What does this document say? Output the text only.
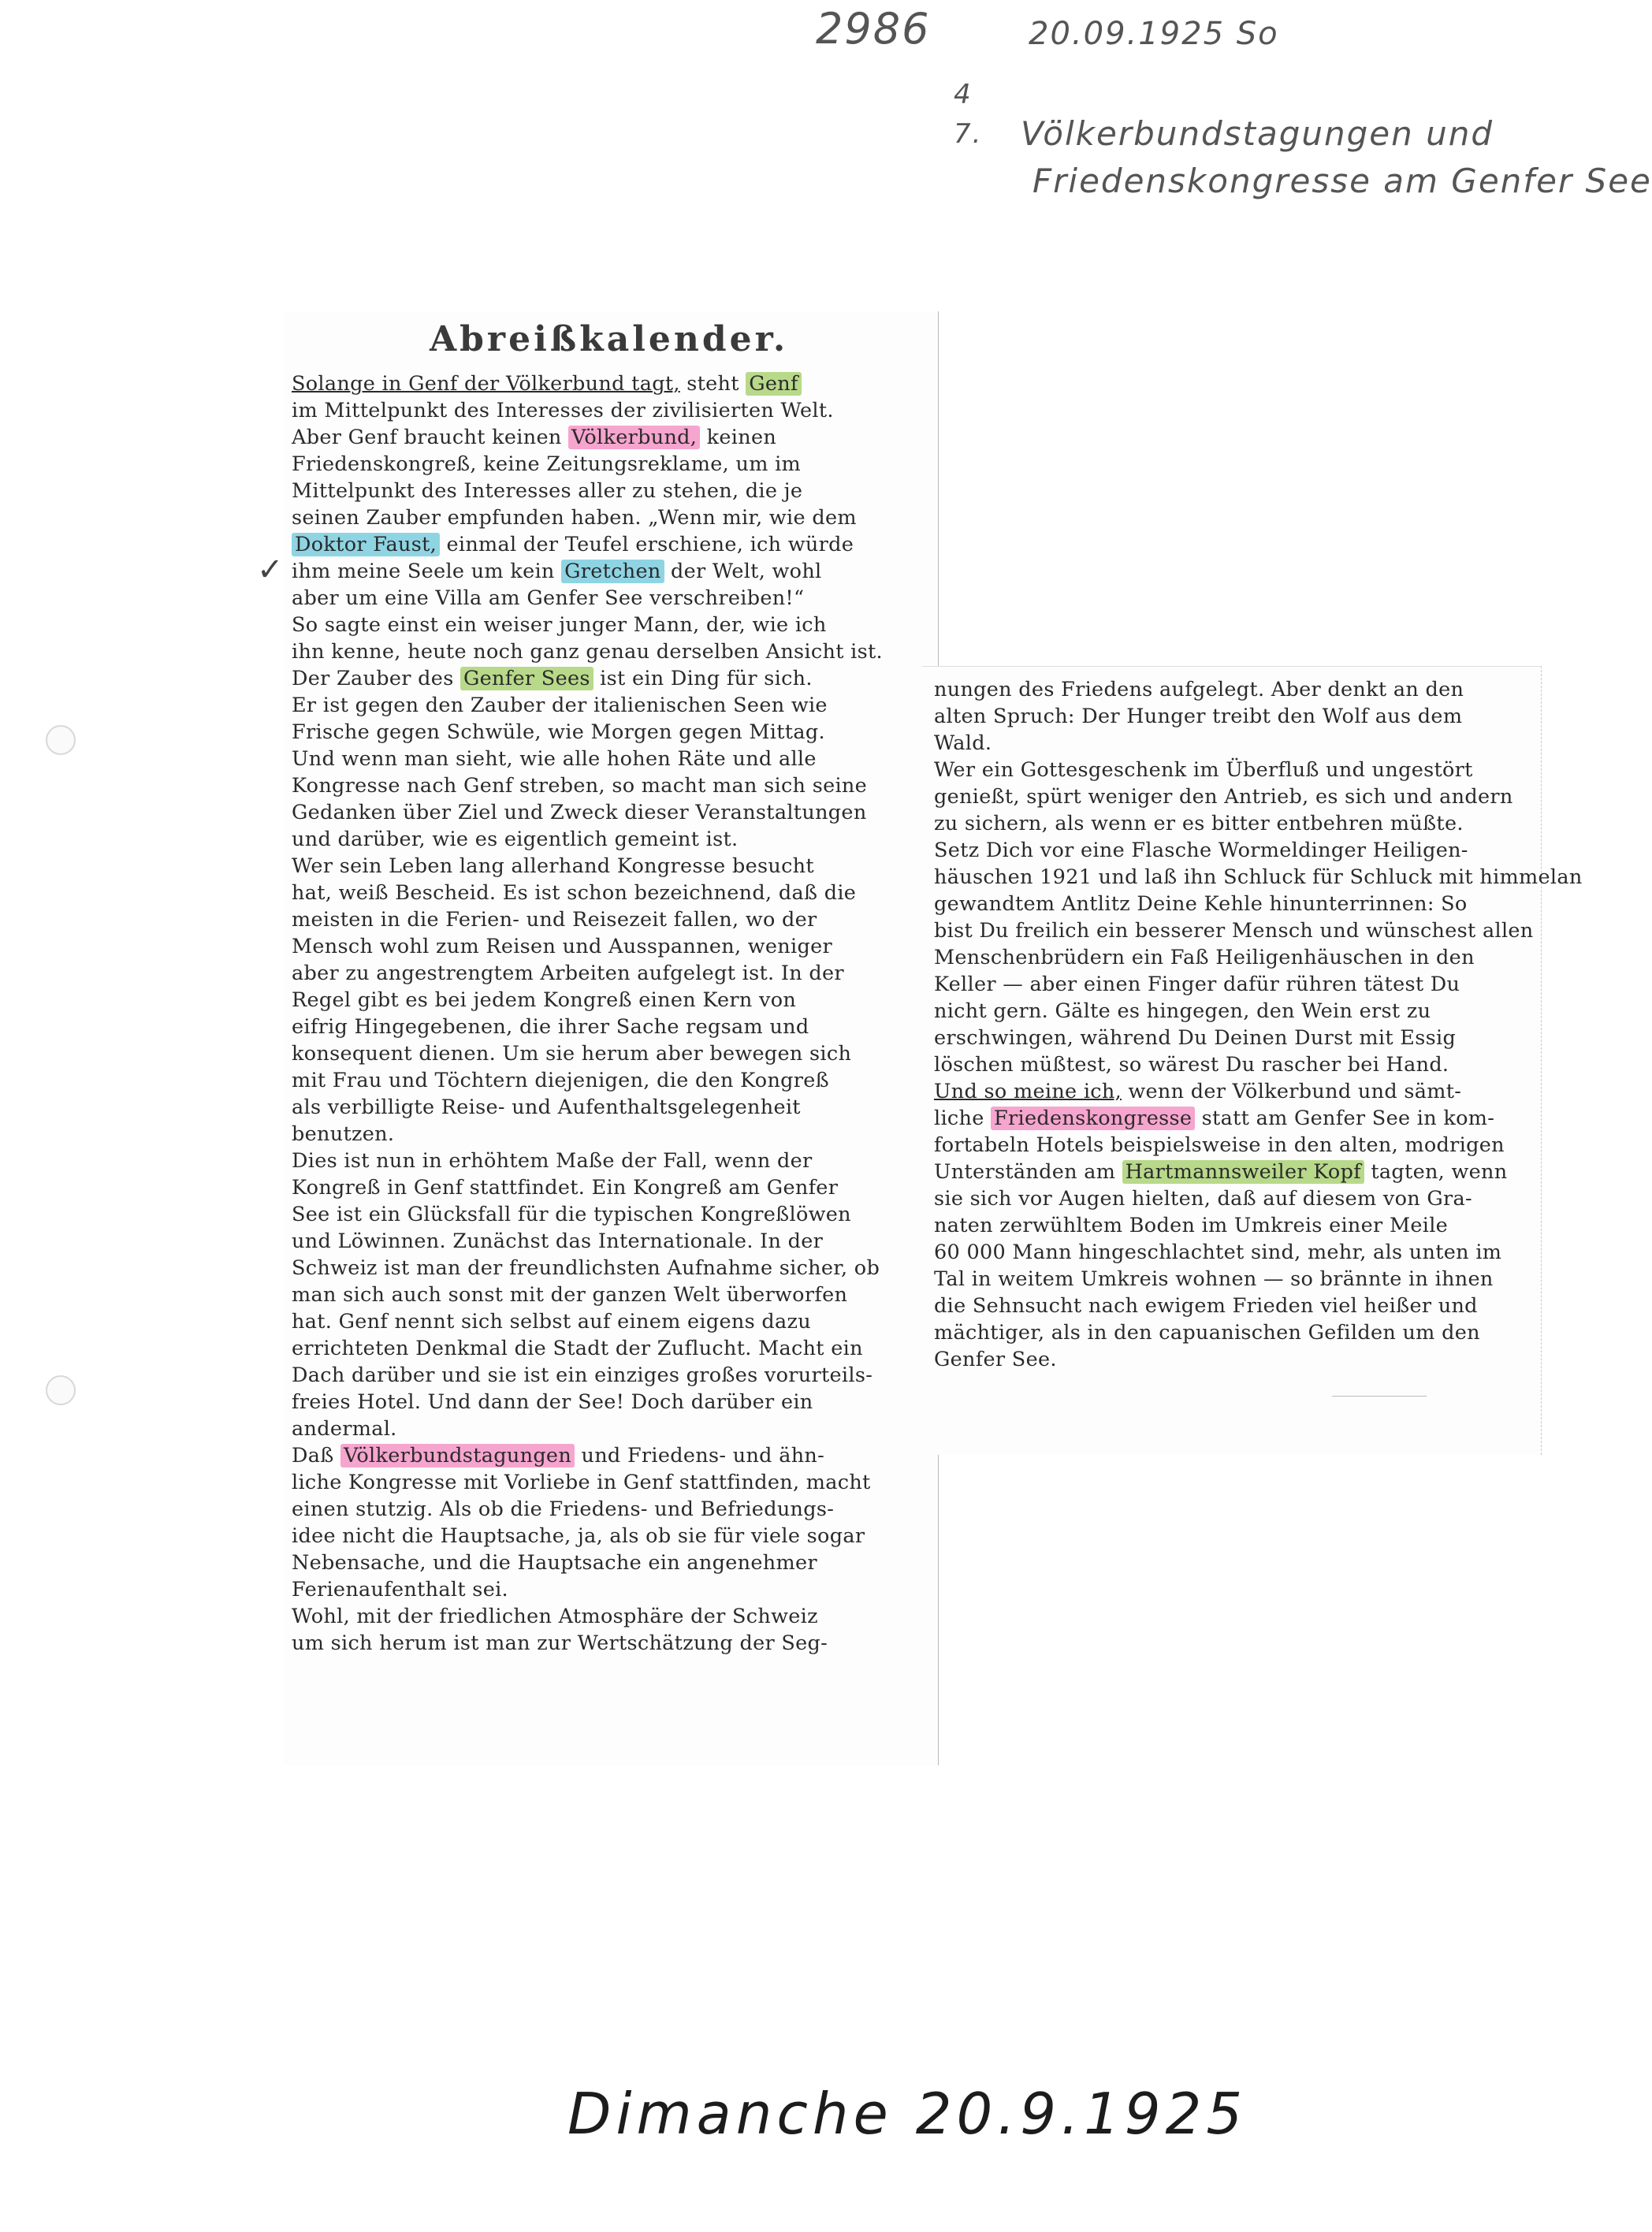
2986	20.09.1925 So
4
7. Völkerbundstagungen und
Friedenskongresse am Genfer See
✓
Abreißkalender.

Solange in Genf der Völkerbund tagt, steht Genf

im Mittelpunkt des Interesses der zivilisierten Welt.

Aber Genf braucht keinen Völkerbund, keinen

Friedenskongreß, keine Zeitungsreklame, um im

Mittelpunkt des Interesses aller zu stehen, die je

seinen Zauber empfunden haben. „Wenn mir, wie dem

Doktor Faust, einmal der Teufel erschiene, ich würde

ihm meine Seele um kein Gretchen der Welt, wohl

aber um eine Villa am Genfer See verschreiben!“

So sagte einst ein weiser junger Mann, der, wie ich

ihn kenne, heute noch ganz genau derselben Ansicht ist.

Der Zauber des Genfer Sees ist ein Ding für sich.

Er ist gegen den Zauber der italienischen Seen wie

Frische gegen Schwüle, wie Morgen gegen Mittag.

Und wenn man sieht, wie alle hohen Räte und alle

Kongresse nach Genf streben, so macht man sich seine

Gedanken über Ziel und Zweck dieser Veranstaltungen

und darüber, wie es eigentlich gemeint ist.

Wer sein Leben lang allerhand Kongresse besucht

hat, weiß Bescheid. Es ist schon bezeichnend, daß die

meisten in die Ferien- und Reisezeit fallen, wo der

Mensch wohl zum Reisen und Ausspannen, weniger

aber zu angestrengtem Arbeiten aufgelegt ist. In der

Regel gibt es bei jedem Kongreß einen Kern von

eifrig Hingegebenen, die ihrer Sache regsam und

konsequent dienen. Um sie herum aber bewegen sich

mit Frau und Töchtern diejenigen, die den Kongreß

als verbilligte Reise- und Aufenthaltsgelegenheit

benutzen.

Dies ist nun in erhöhtem Maße der Fall, wenn der

Kongreß in Genf stattfindet. Ein Kongreß am Genfer

See ist ein Glücksfall für die typischen Kongreßlöwen

und Löwinnen. Zunächst das Internationale. In der

Schweiz ist man der freundlichsten Aufnahme sicher, ob

man sich auch sonst mit der ganzen Welt überworfen

hat. Genf nennt sich selbst auf einem eigens dazu

errichteten Denkmal die Stadt der Zuflucht. Macht ein

Dach darüber und sie ist ein einziges großes vorurteils-

freies Hotel. Und dann der See! Doch darüber ein

andermal.

Daß Völkerbundstagungen und Friedens- und ähn-

liche Kongresse mit Vorliebe in Genf stattfinden, macht

einen stutzig. Als ob die Friedens- und Befriedungs-

idee nicht die Hauptsache, ja, als ob sie für viele sogar

Nebensache, und die Hauptsache ein angenehmer

Ferienaufenthalt sei.

Wohl, mit der friedlichen Atmosphäre der Schweiz

um sich herum ist man zur Wertschätzung der Seg-

nungen des Friedens aufgelegt. Aber denkt an den

alten Spruch: Der Hunger treibt den Wolf aus dem

Wald.

Wer ein Gottesgeschenk im Überfluß und ungestört

genießt, spürt weniger den Antrieb, es sich und andern

zu sichern, als wenn er es bitter entbehren müßte.

Setz Dich vor eine Flasche Wormeldinger Heiligen-

häuschen 1921 und laß ihn Schluck für Schluck mit himmelan

gewandtem Antlitz Deine Kehle hinunterrinnen: So

bist Du freilich ein besserer Mensch und wünschest allen

Menschenbrüdern ein Faß Heiligenhäuschen in den

Keller — aber einen Finger dafür rühren tätest Du

nicht gern. Gälte es hingegen, den Wein erst zu

erschwingen, während Du Deinen Durst mit Essig

löschen müßtest, so wärest Du rascher bei Hand.

Und so meine ich, wenn der Völkerbund und sämt-

liche Friedenskongresse statt am Genfer See in kom-

fortabeln Hotels beispielsweise in den alten, modrigen

Unterständen am Hartmannsweiler Kopf tagten, wenn

sie sich vor Augen hielten, daß auf diesem von Gra-

naten zerwühltem Boden im Umkreis einer Meile

60 000 Mann hingeschlachtet sind, mehr, als unten im

Tal in weitem Umkreis wohnen — so brännte in ihnen

die Sehnsucht nach ewigem Frieden viel heißer und

mächtiger, als in den capuanischen Gefilden um den

Genfer See.

Dimanche 20.9.1925
